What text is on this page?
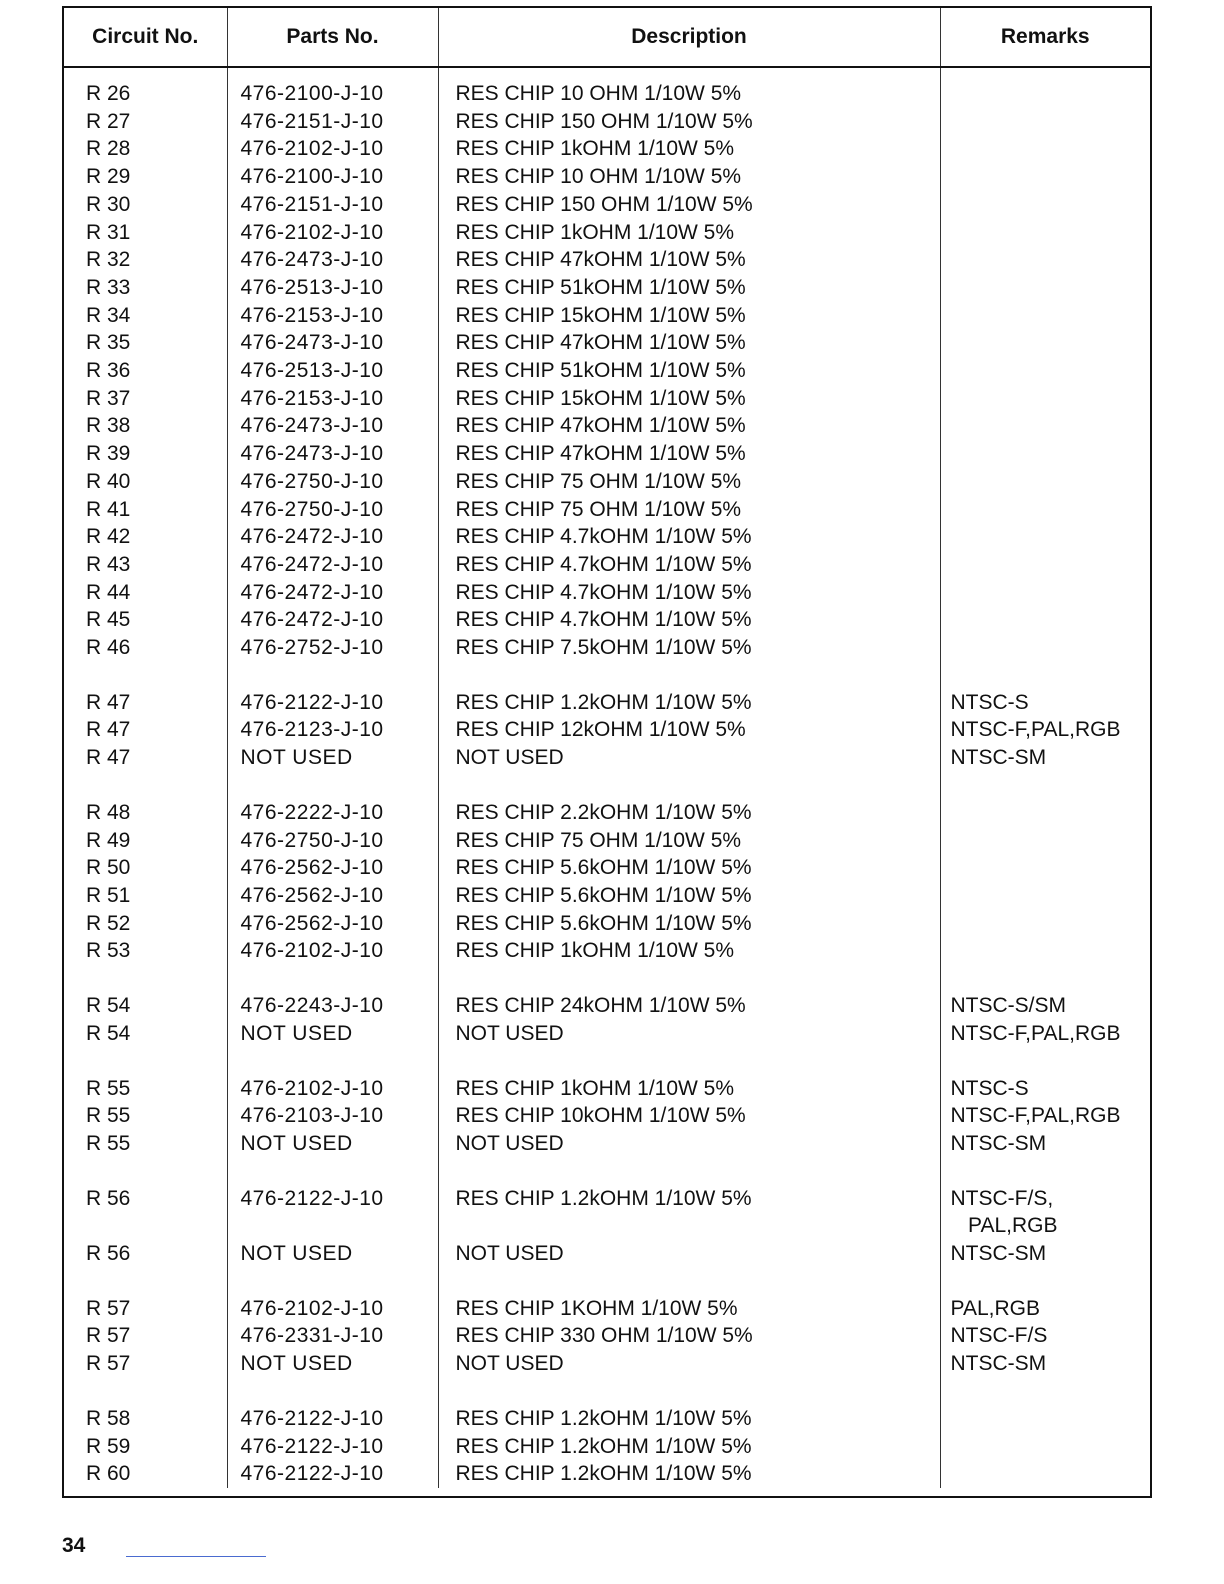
Circuit No.	Parts No.	Description	Remarks
R 26	476-2100-J-10	RES CHIP 10 OHM 1/10W 5%	
R 27	476-2151-J-10	RES CHIP 150 OHM 1/10W 5%	
R 28	476-2102-J-10	RES CHIP 1kOHM 1/10W 5%	
R 29	476-2100-J-10	RES CHIP 10 OHM 1/10W 5%	
R 30	476-2151-J-10	RES CHIP 150 OHM 1/10W 5%	
R 31	476-2102-J-10	RES CHIP 1kOHM 1/10W 5%	
R 32	476-2473-J-10	RES CHIP 47kOHM 1/10W 5%	
R 33	476-2513-J-10	RES CHIP 51kOHM 1/10W 5%	
R 34	476-2153-J-10	RES CHIP 15kOHM 1/10W 5%	
R 35	476-2473-J-10	RES CHIP 47kOHM 1/10W 5%	
R 36	476-2513-J-10	RES CHIP 51kOHM 1/10W 5%	
R 37	476-2153-J-10	RES CHIP 15kOHM 1/10W 5%	
R 38	476-2473-J-10	RES CHIP 47kOHM 1/10W 5%	
R 39	476-2473-J-10	RES CHIP 47kOHM 1/10W 5%	
R 40	476-2750-J-10	RES CHIP 75 OHM 1/10W 5%	
R 41	476-2750-J-10	RES CHIP 75 OHM 1/10W 5%	
R 42	476-2472-J-10	RES CHIP 4.7kOHM 1/10W 5%	
R 43	476-2472-J-10	RES CHIP 4.7kOHM 1/10W 5%	
R 44	476-2472-J-10	RES CHIP 4.7kOHM 1/10W 5%	
R 45	476-2472-J-10	RES CHIP 4.7kOHM 1/10W 5%	
R 46	476-2752-J-10	RES CHIP 7.5kOHM 1/10W 5%	
R 47	476-2122-J-10	RES CHIP 1.2kOHM 1/10W 5%	NTSC-S
R 47	476-2123-J-10	RES CHIP 12kOHM 1/10W 5%	NTSC-F,PAL,RGB
R 47	NOT USED	NOT USED	NTSC-SM
R 48	476-2222-J-10	RES CHIP 2.2kOHM 1/10W 5%	
R 49	476-2750-J-10	RES CHIP 75 OHM 1/10W 5%	
R 50	476-2562-J-10	RES CHIP 5.6kOHM 1/10W 5%	
R 51	476-2562-J-10	RES CHIP 5.6kOHM 1/10W 5%	
R 52	476-2562-J-10	RES CHIP 5.6kOHM 1/10W 5%	
R 53	476-2102-J-10	RES CHIP 1kOHM 1/10W 5%	
R 54	476-2243-J-10	RES CHIP 24kOHM 1/10W 5%	NTSC-S/SM
R 54	NOT USED	NOT USED	NTSC-F,PAL,RGB
R 55	476-2102-J-10	RES CHIP 1kOHM 1/10W 5%	NTSC-S
R 55	476-2103-J-10	RES CHIP 10kOHM 1/10W 5%	NTSC-F,PAL,RGB
R 55	NOT USED	NOT USED	NTSC-SM
R 56	476-2122-J-10	RES CHIP 1.2kOHM 1/10W 5%	NTSC-F/S,
			PAL,RGB
R 56	NOT USED	NOT USED	NTSC-SM
R 57	476-2102-J-10	RES CHIP 1KOHM 1/10W 5%	PAL,RGB
R 57	476-2331-J-10	RES CHIP 330 OHM 1/10W 5%	NTSC-F/S
R 57	NOT USED	NOT USED	NTSC-SM
R 58	476-2122-J-10	RES CHIP 1.2kOHM 1/10W 5%	
R 59	476-2122-J-10	RES CHIP 1.2kOHM 1/10W 5%	
R 60	476-2122-J-10	RES CHIP 1.2kOHM 1/10W 5%	

34
